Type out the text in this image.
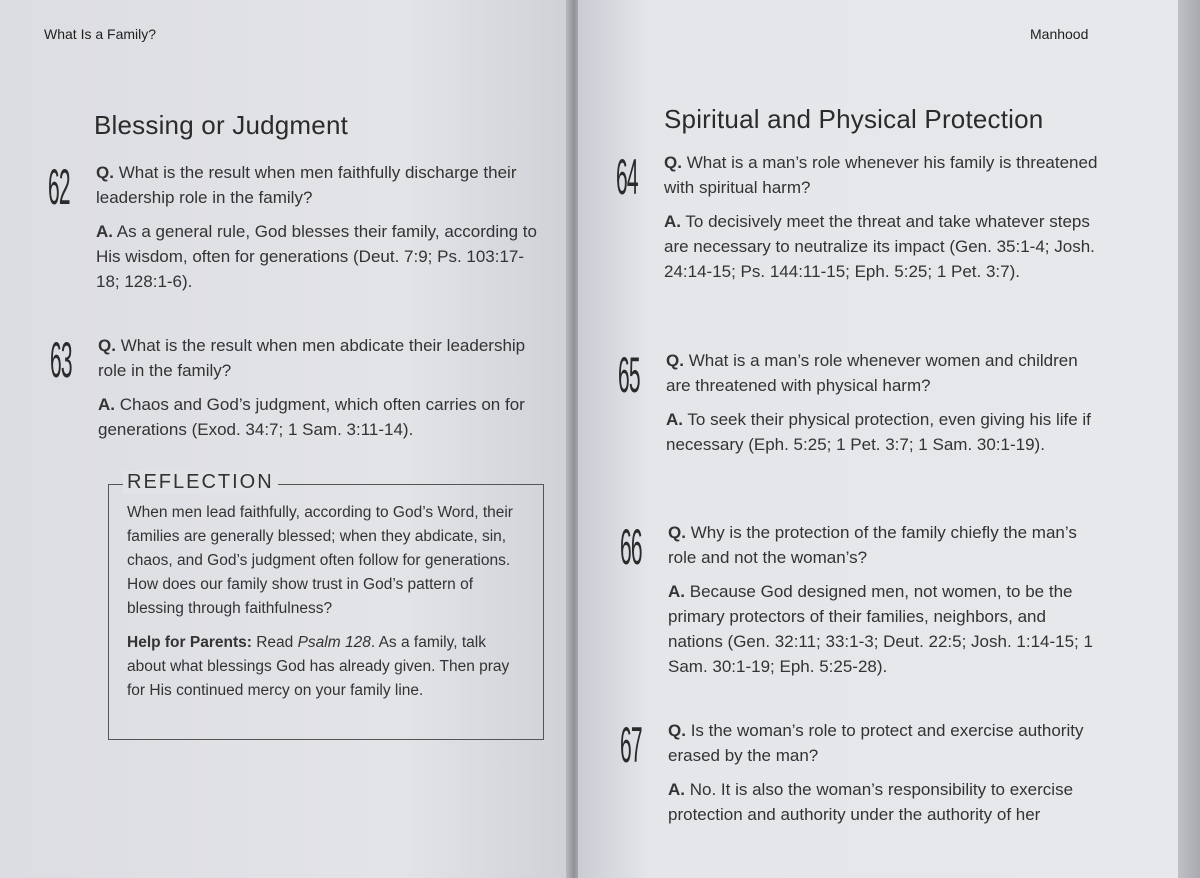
What Is a Family?
Blessing or Judgment
62 Q. What is the result when men faithfully discharge their leadership role in the family?

A. As a general rule, God blesses their family, according to His wisdom, often for generations (Deut. 7:9; Ps. 103:17-18; 128:1-6).

63 Q. What is the result when men abdicate their leadership role in the family?

A. Chaos and God’s judgment, which often carries on for generations (Exod. 34:7; 1 Sam. 3:11-14).

REFLECTION

When men lead faithfully, according to God’s Word, their families are generally blessed; when they abdicate, sin, chaos, and God’s judgment often follow for generations. How does our family show trust in God’s pattern of blessing through faithfulness?

Help for Parents: Read Psalm 128. As a family, talk about what blessings God has already given. Then pray for His continued mercy on your family line.

Manhood
Spiritual and Physical Protection
64 Q. What is a man’s role whenever his family is threatened with spiritual harm?

A. To decisively meet the threat and take whatever steps are necessary to neutralize its impact (Gen. 35:1-4; Josh. 24:14-15; Ps. 144:11-15; Eph. 5:25; 1 Pet. 3:7).

65 Q. What is a man’s role whenever women and children are threatened with physical harm?

A. To seek their physical protection, even giving his life if necessary (Eph. 5:25; 1 Pet. 3:7; 1 Sam. 30:1-19).

66 Q. Why is the protection of the family chiefly the man’s role and not the woman’s?

A. Because God designed men, not women, to be the primary protectors of their families, neighbors, and nations (Gen. 32:11; 33:1-3; Deut. 22:5; Josh. 1:14-15; 1 Sam. 30:1-19; Eph. 5:25-28).

67 Q. Is the woman’s role to protect and exercise authority erased by the man?

A. No. It is also the woman’s responsibility to exercise protection and authority under the authority of her
